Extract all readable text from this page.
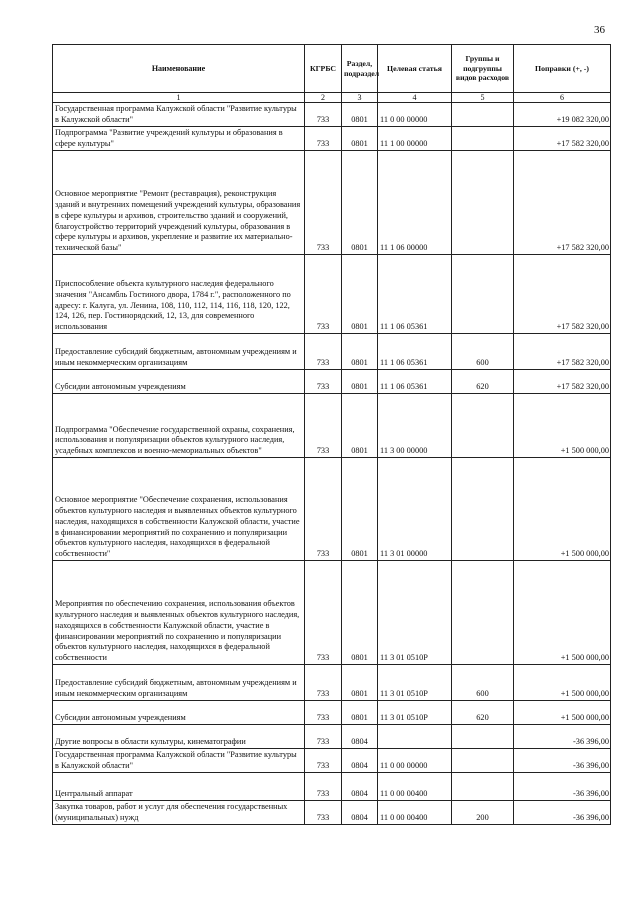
36
Наименование	КГРБС	Раздел, подраздел	Целевая статья	Группы и подгруппы видов расходов	Поправки (+, -)
1	2	3	4	5	6
Государственная программа Калужской области "Развитие культуры в Калужской области"	733	0801	11 0 00 00000		+19 082 320,00
Подпрограмма "Развитие учреждений культуры и образования в сфере культуры"	733	0801	11 1 00 00000		+17 582 320,00
Основное мероприятие "Ремонт (реставрация), реконструкция зданий и внутренних помещений учреждений культуры, образования в сфере культуры и архивов, строительство зданий и сооружений, благоустройство территорий учреждений культуры, образования в сфере культуры и архивов, укрепление и развитие их материально-технической базы"	733	0801	11 1 06 00000		+17 582 320,00
Приспособление объекта культурного наследия федерального значения "Ансамбль Гостиного двора, 1784 г.", расположенного по адресу: г. Калуга, ул. Ленина, 108, 110, 112, 114, 116, 118, 120, 122, 124, 126, пер. Гостинорядский, 12, 13, для современного использования	733	0801	11 1 06 05361		+17 582 320,00
Предоставление субсидий бюджетным, автономным учреждениям и иным некоммерческим организациям	733	0801	11 1 06 05361	600	+17 582 320,00
Субсидии автономным учреждениям	733	0801	11 1 06 05361	620	+17 582 320,00
Подпрограмма "Обеспечение государственной охраны, сохранения, использования и популяризации объектов культурного наследия, усадебных комплексов и военно-мемориальных объектов"	733	0801	11 3 00 00000		+1 500 000,00
Основное мероприятие "Обеспечение сохранения, использования объектов культурного наследия и выявленных объектов культурного наследия, находящихся в собственности Калужской области, участие в финансировании мероприятий по сохранению и популяризации объектов культурного наследия, находящихся в федеральной собственности"	733	0801	11 3 01 00000		+1 500 000,00
Мероприятия по обеспечению сохранения, использования объектов культурного наследия и выявленных объектов культурного наследия, находящихся в собственности Калужской области, участие в финансировании мероприятий по сохранению и популяризации объектов культурного наследия, находящихся в федеральной собственности	733	0801	11 3 01 0510P		+1 500 000,00
Предоставление субсидий бюджетным, автономным учреждениям и иным некоммерческим организациям	733	0801	11 3 01 0510P	600	+1 500 000,00
Субсидии автономным учреждениям	733	0801	11 3 01 0510P	620	+1 500 000,00
Другие вопросы в области культуры, кинематографии	733	0804			-36 396,00
Государственная программа Калужской области "Развитие культуры в Калужской области"	733	0804	11 0 00 00000		-36 396,00
Центральный аппарат	733	0804	11 0 00 00400		-36 396,00
Закупка товаров, работ и услуг для обеспечения государственных (муниципальных) нужд	733	0804	11 0 00 00400	200	-36 396,00
